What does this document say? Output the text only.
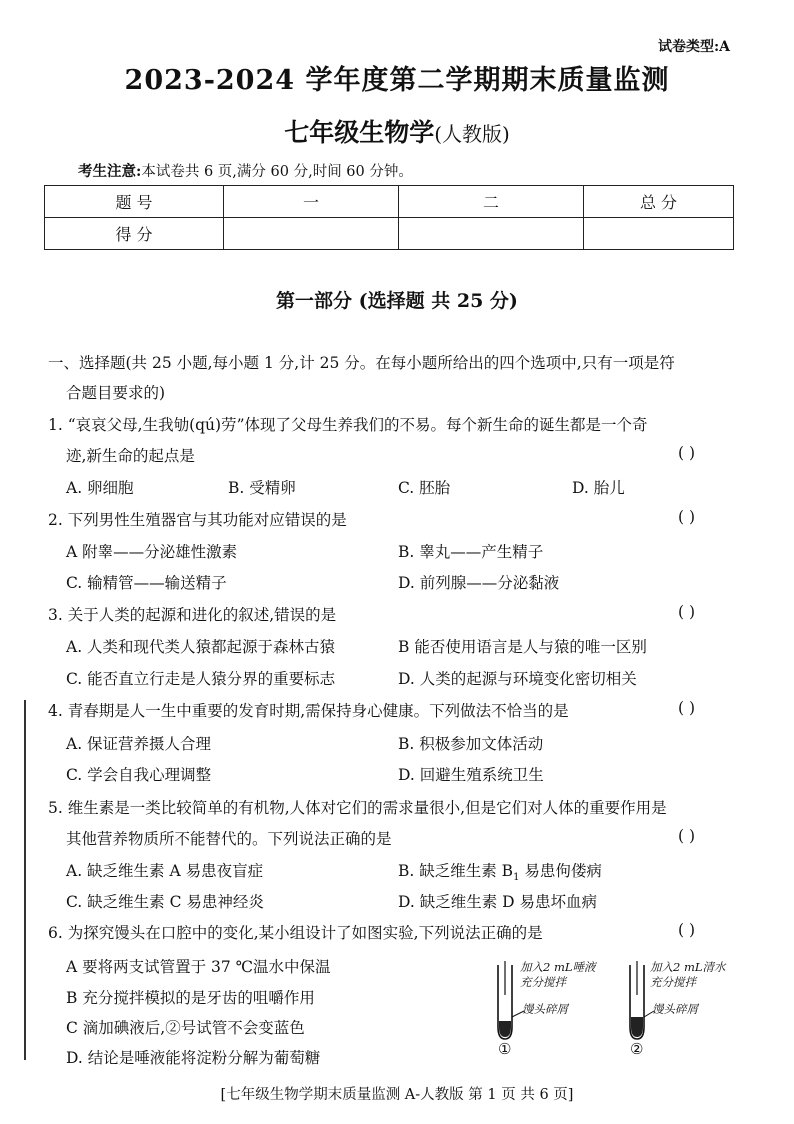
试卷类型:A
2023-2024 学年度第二学期期末质量监测
七年级生物学(人教版)
考生注意:本试卷共 6 页,满分 60 分,时间 60 分钟。
题 号	一	二	总 分
得 分			
第一部分 (选择题 共 25 分)
一、选择题(共 25 小题,每小题 1 分,计 25 分。在每小题所给出的四个选项中,只有一项是符
合题目要求的)
1. “哀哀父母,生我劬(qú)劳”体现了父母生养我们的不易。每个新生命的诞生都是一个奇
迹,新生命的起点是	( )
A. 卵细胞	B. 受精卵	C. 胚胎	D. 胎儿
2. 下列男性生殖器官与其功能对应错误的是	( )
A 附睾——分泌雄性激素	B. 睾丸——产生精子
C. 输精管——输送精子	D. 前列腺——分泌黏液
3. 关于人类的起源和进化的叙述,错误的是	( )
A. 人类和现代类人猿都起源于森林古猿	B 能否使用语言是人与猿的唯一区别
C. 能否直立行走是人猿分界的重要标志	D. 人类的起源与环境变化密切相关
4. 青春期是人一生中重要的发育时期,需保持身心健康。下列做法不恰当的是	( )
A. 保证营养摄人合理	B. 积极参加文体活动
C. 学会自我心理调整	D. 回避生殖系统卫生
5. 维生素是一类比较简单的有机物,人体对它们的需求量很小,但是它们对人体的重要作用是
其他营养物质所不能替代的。下列说法正确的是	( )
A. 缺乏维生素 A 易患夜盲症	B. 缺乏维生素 $B_1$ 易患佝偻病
C. 缺乏维生素 C 易患神经炎	D. 缺乏维生素 D 易患坏血病
6. 为探究馒头在口腔中的变化,某小组设计了如图实验,下列说法正确的是	( )
A 要将两支试管置于 37 ℃温水中保温
B 充分搅拌模拟的是牙齿的咀嚼作用
C 滴加碘液后,②号试管不会变蓝色
D. 结论是唾液能将淀粉分解为葡萄糖
加入2 mL唾液
充分搅拌
馒头碎屑
①
加入2 mL清水
充分搅拌
馒头碎屑
②
[七年级生物学期末质量监测 A-人教版 第 1 页 共 6 页]
